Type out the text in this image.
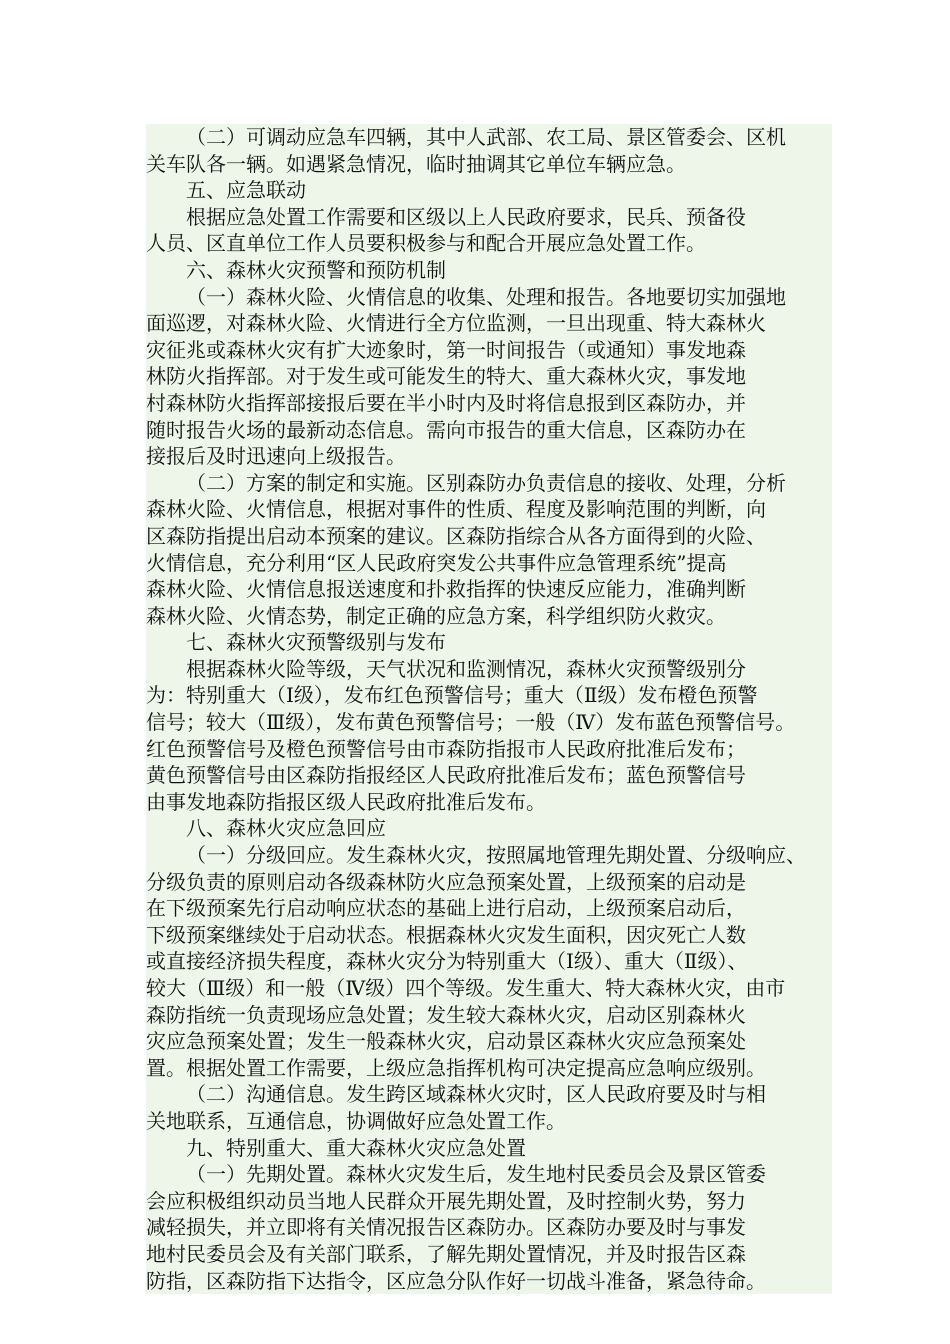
（二）可调动应急车四辆，其中人武部、农工局、景区管委会、区机
关车队各一辆。如遇紧急情况，临时抽调其它单位车辆应急。
五、应急联动
根据应急处置工作需要和区级以上人民政府要求，民兵、预备役
人员、区直单位工作人员要积极参与和配合开展应急处置工作。
六、森林火灾预警和预防机制
（一）森林火险、火情信息的收集、处理和报告。各地要切实加强地
面巡逻，对森林火险、火情进行全方位监测，一旦出现重、特大森林火
灾征兆或森林火灾有扩大迹象时，第一时间报告（或通知）事发地森
林防火指挥部。对于发生或可能发生的特大、重大森林火灾，事发地
村森林防火指挥部接报后要在半小时内及时将信息报到区森防办，并
随时报告火场的最新动态信息。需向市报告的重大信息，区森防办在
接报后及时迅速向上级报告。
（二）方案的制定和实施。区别森防办负责信息的接收、处理，分析
森林火险、火情信息，根据对事件的性质、程度及影响范围的判断，向
区森防指提出启动本预案的建议。区森防指综合从各方面得到的火险、
火情信息，充分利用“区人民政府突发公共事件应急管理系统”提高
森林火险、火情信息报送速度和扑救指挥的快速反应能力，准确判断
森林火险、火情态势，制定正确的应急方案，科学组织防火救灾。
七、森林火灾预警级别与发布
根据森林火险等级，天气状况和监测情况，森林火灾预警级别分
为：特别重大（Ⅰ级），发布红色预警信号；重大（Ⅱ级）发布橙色预警
信号；较大（Ⅲ级），发布黄色预警信号；一般（Ⅳ）发布蓝色预警信号。
红色预警信号及橙色预警信号由市森防指报市人民政府批准后发布；
黄色预警信号由区森防指报经区人民政府批准后发布；蓝色预警信号
由事发地森防指报区级人民政府批准后发布。
八、森林火灾应急回应
（一）分级回应。发生森林火灾，按照属地管理先期处置、分级响应、
分级负责的原则启动各级森林防火应急预案处置，上级预案的启动是
在下级预案先行启动响应状态的基础上进行启动，上级预案启动后，
下级预案继续处于启动状态。根据森林火灾发生面积，因灾死亡人数
或直接经济损失程度，森林火灾分为特别重大（Ⅰ级）、重大（Ⅱ级）、
较大（Ⅲ级）和一般（Ⅳ级）四个等级。发生重大、特大森林火灾，由市
森防指统一负责现场应急处置；发生较大森林火灾，启动区别森林火
灾应急预案处置；发生一般森林火灾，启动景区森林火灾应急预案处
置。根据处置工作需要，上级应急指挥机构可决定提高应急响应级别。
（二）沟通信息。发生跨区域森林火灾时，区人民政府要及时与相
关地联系，互通信息，协调做好应急处置工作。
九、特别重大、重大森林火灾应急处置
（一）先期处置。森林火灾发生后，发生地村民委员会及景区管委
会应积极组织动员当地人民群众开展先期处置，及时控制火势，努力
减轻损失，并立即将有关情况报告区森防办。区森防办要及时与事发
地村民委员会及有关部门联系，了解先期处置情况，并及时报告区森
防指，区森防指下达指令，区应急分队作好一切战斗准备，紧急待命。
